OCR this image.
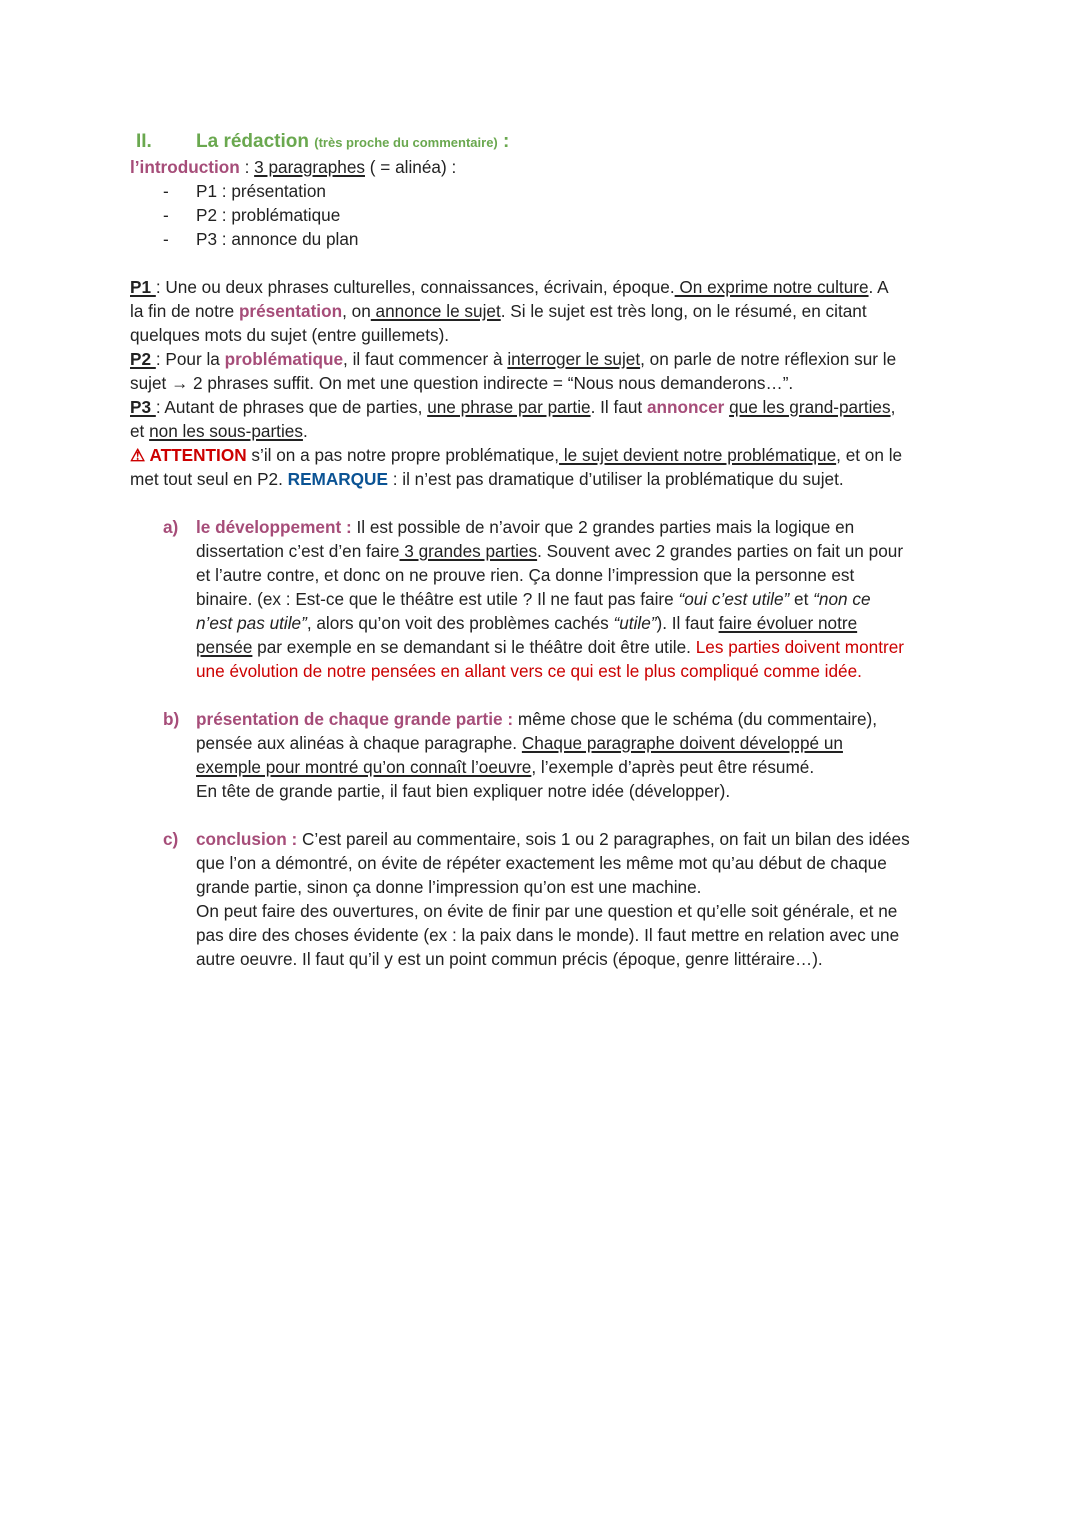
II. La rédaction (très proche du commentaire) :
l’introduction : 3 paragraphes ( = alinéa) :
- P1 : présentation
- P2 : problématique
- P3 : annonce du plan
P1 : Une ou deux phrases culturelles, connaissances, écrivain, époque. On exprime notre culture. A
la fin de notre présentation, on annonce le sujet. Si le sujet est très long, on le résumé, en citant
quelques mots du sujet (entre guillemets).
P2 : Pour la problématique, il faut commencer à interroger le sujet, on parle de notre réflexion sur le
sujet → 2 phrases suffit. On met une question indirecte = “Nous nous demanderons…”.
P3 : Autant de phrases que de parties, une phrase par partie. Il faut annoncer que les grand-parties,
et non les sous-parties.
⚠ ATTENTION s’il on a pas notre propre problématique, le sujet devient notre problématique, et on le
met tout seul en P2. REMARQUE : il n’est pas dramatique d’utiliser la problématique du sujet.
a) le développement : Il est possible de n’avoir que 2 grandes parties mais la logique en
dissertation c’est d’en faire 3 grandes parties. Souvent avec 2 grandes parties on fait un pour
et l’autre contre, et donc on ne prouve rien. Ça donne l’impression que la personne est
binaire. (ex : Est-ce que le théâtre est utile ? Il ne faut pas faire “oui c’est utile” et “non ce
n’est pas utile”, alors qu’on voit des problèmes cachés “utile”). Il faut faire évoluer notre
pensée par exemple en se demandant si le théâtre doit être utile. Les parties doivent montrer
une évolution de notre pensées en allant vers ce qui est le plus compliqué comme idée.
b) présentation de chaque grande partie : même chose que le schéma (du commentaire),
pensée aux alinéas à chaque paragraphe. Chaque paragraphe doivent développé un
exemple pour montré qu’on connaît l’oeuvre, l’exemple d’après peut être résumé.
En tête de grande partie, il faut bien expliquer notre idée (développer).
c) conclusion : C’est pareil au commentaire, sois 1 ou 2 paragraphes, on fait un bilan des idées
que l’on a démontré, on évite de répéter exactement les même mot qu’au début de chaque
grande partie, sinon ça donne l’impression qu’on est une machine.
On peut faire des ouvertures, on évite de finir par une question et qu’elle soit générale, et ne
pas dire des choses évidente (ex : la paix dans le monde). Il faut mettre en relation avec une
autre oeuvre. Il faut qu’il y est un point commun précis (époque, genre littéraire…).
